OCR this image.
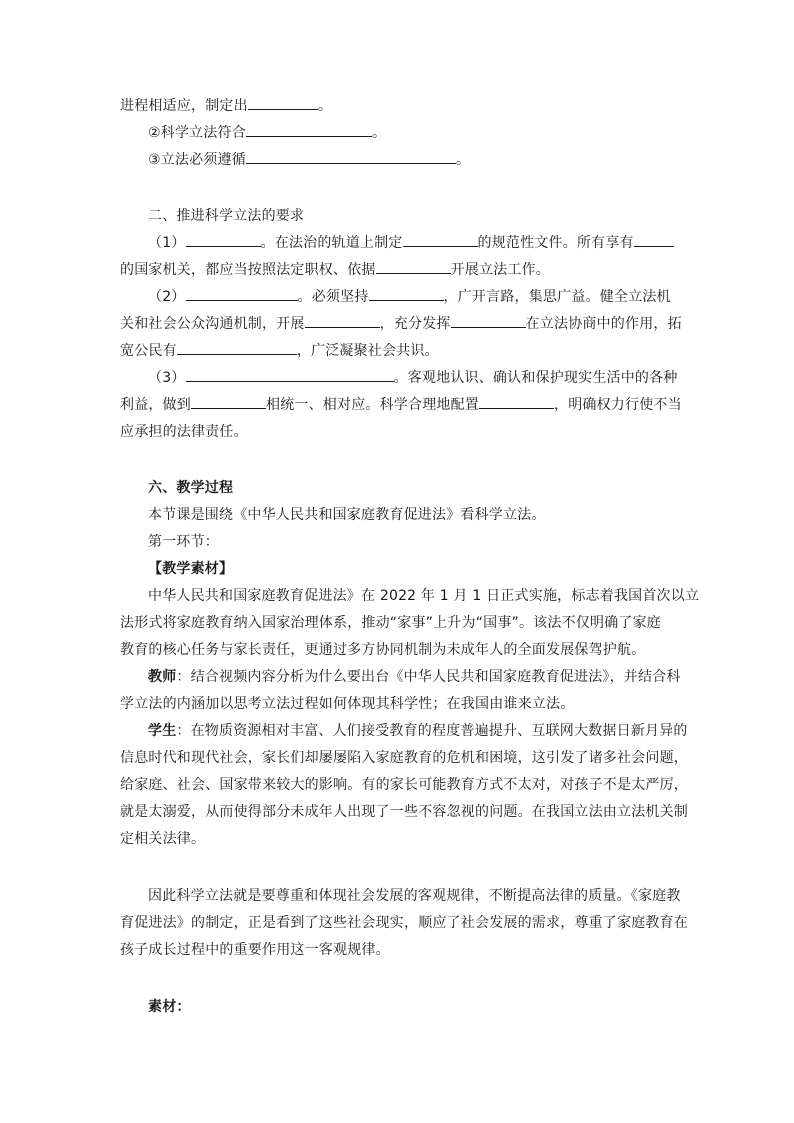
进程相适应，制定出	。
②科学立法符合	。
③立法必须遵循	。
二、推进科学立法的要求
（1）	。在法治的轨道上制定	的规范性文件。所有享有
的国家机关，都应当按照法定职权、依据	开展立法工作。
（2）	。必须坚持	，广开言路，集思广益。健全立法机
关和社会公众沟通机制，开展	，充分发挥	在立法协商中的作用，拓
宽公民有	，广泛凝聚社会共识。
（3）	。客观地认识、确认和保护现实生活中的各种
利益，做到	相统一、相对应。科学合理地配置	，明确权力行使不当
应承担的法律责任。
六、教学过程
本节课是围绕《中华人民共和国家庭教育促进法》看科学立法。
第一环节：
【教学素材】
中华人民共和国家庭教育促进法》在 2022 年 1 月 1 日正式实施，标志着我国首次以立
法形式将家庭教育纳入国家治理体系，推动“家事”上升为“国事”。该法不仅明确了家庭
教育的核心任务与家长责任，更通过多方协同机制为未成年人的全面发展保驾护航。
教师：结合视频内容分析为什么要出台《中华人民共和国家庭教育促进法》，并结合科
学立法的内涵加以思考立法过程如何体现其科学性；在我国由谁来立法。
学生：在物质资源相对丰富、人们接受教育的程度普遍提升、互联网大数据日新月异的
信息时代和现代社会，家长们却屡屡陷入家庭教育的危机和困境，这引发了诸多社会问题，
给家庭、社会、国家带来较大的影响。有的家长可能教育方式不太对，对孩子不是太严厉，
就是太溺爱，从而使得部分未成年人出现了一些不容忽视的问题。在我国立法由立法机关制
定相关法律。
因此科学立法就是要尊重和体现社会发展的客观规律，不断提高法律的质量。《家庭教
育促进法》的制定，正是看到了这些社会现实，顺应了社会发展的需求，尊重了家庭教育在
孩子成长过程中的重要作用这一客观规律。
素材：
